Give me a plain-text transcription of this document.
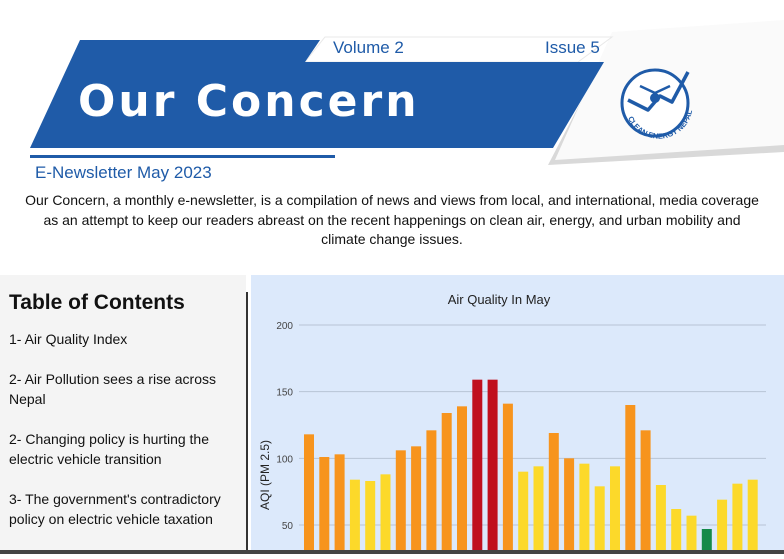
CLEAN ENERGY NEPAL
Volume 2	Issue 5
Our Concern
E-Newsletter May 2023
Our Concern, a monthly e-newsletter, is a compilation of news and views from local, and international, media coverage as an attempt to keep our readers abreast on the recent happenings on clean air, energy, and urban mobility and climate change issues.
Table of Contents
1- Air Quality Index
2- Air Pollution sees a rise across Nepal
2- Changing policy is hurting the electric vehicle transition
3- The government's contradictory policy on electric vehicle taxation
Air Quality In May
AQI (PM 2.5)
50
100
150
200
